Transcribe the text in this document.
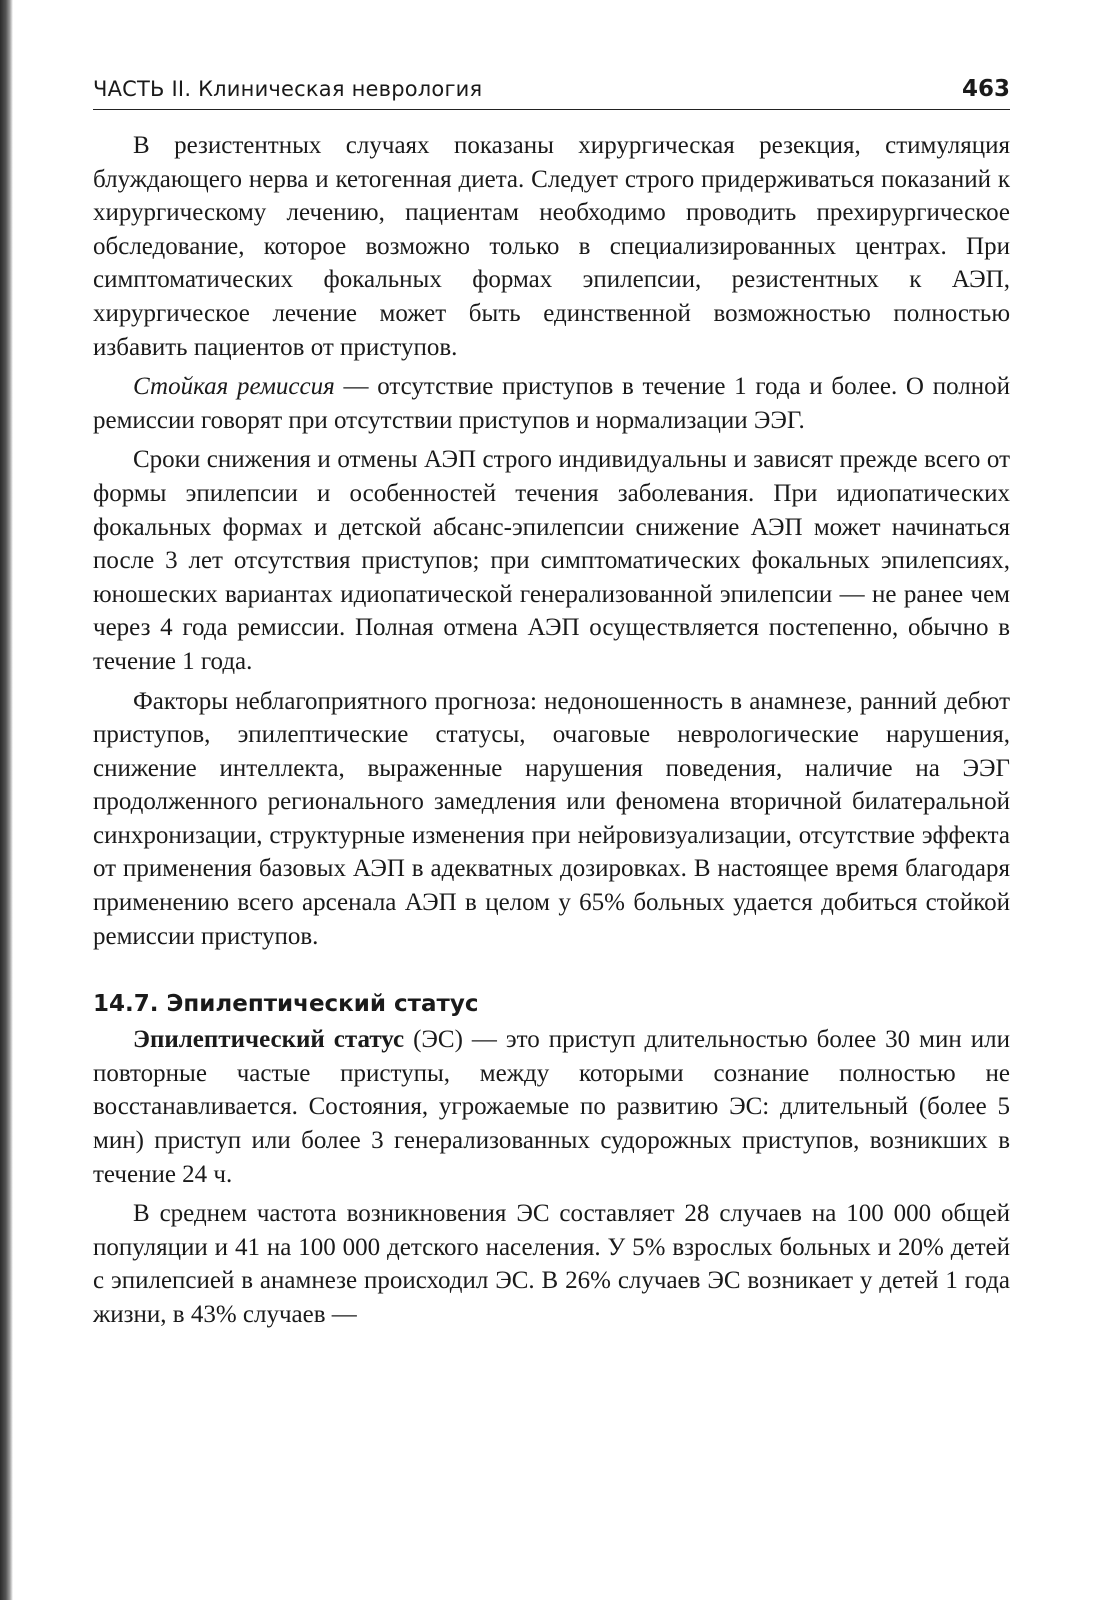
ЧАСТЬ II. Клиническая неврология	463

В резистентных случаях показаны хирургическая резекция, стимуляция блуждающего нерва и кетогенная диета. Следует строго придерживаться показаний к хирургическому лечению, пациентам необходимо проводить прехирургическое обследование, которое возможно только в специализированных центрах. При симптоматических фокальных формах эпилепсии, резистентных к АЭП, хирургическое лечение может быть единственной возможностью полностью избавить пациентов от приступов.

Стойкая ремиссия — отсутствие приступов в течение 1 года и более. О полной ремиссии говорят при отсутствии приступов и нормализации ЭЭГ.

Сроки снижения и отмены АЭП строго индивидуальны и зависят прежде всего от формы эпилепсии и особенностей течения заболевания. При идиопатических фокальных формах и детской абсанс-эпилепсии снижение АЭП может начинаться после 3 лет отсутствия приступов; при симптоматических фокальных эпилепсиях, юношеских вариантах идиопатической генерализованной эпилепсии — не ранее чем через 4 года ремиссии. Полная отмена АЭП осуществляется постепенно, обычно в течение 1 года.

Факторы неблагоприятного прогноза: недоношенность в анамнезе, ранний дебют приступов, эпилептические статусы, очаговые неврологические нарушения, снижение интеллекта, выраженные нарушения поведения, наличие на ЭЭГ продолженного регионального замедления или феномена вторичной билатеральной синхронизации, структурные изменения при нейровизуализации, отсутствие эффекта от применения базовых АЭП в адекватных дозировках. В настоящее время благодаря применению всего арсенала АЭП в целом у 65% больных удается добиться стойкой ремиссии приступов.

14.7. Эпилептический статус

Эпилептический статус (ЭС) — это приступ длительностью более 30 мин или повторные частые приступы, между которыми сознание полностью не восстанавливается. Состояния, угрожаемые по развитию ЭС: длительный (более 5 мин) приступ или более 3 генерализованных судорожных приступов, возникших в течение 24 ч.

В среднем частота возникновения ЭС составляет 28 случаев на 100 000 общей популяции и 41 на 100 000 детского населения. У 5% взрослых больных и 20% детей с эпилепсией в анамнезе происходил ЭС. В 26% случаев ЭС возникает у детей 1 года жизни, в 43% случаев —
